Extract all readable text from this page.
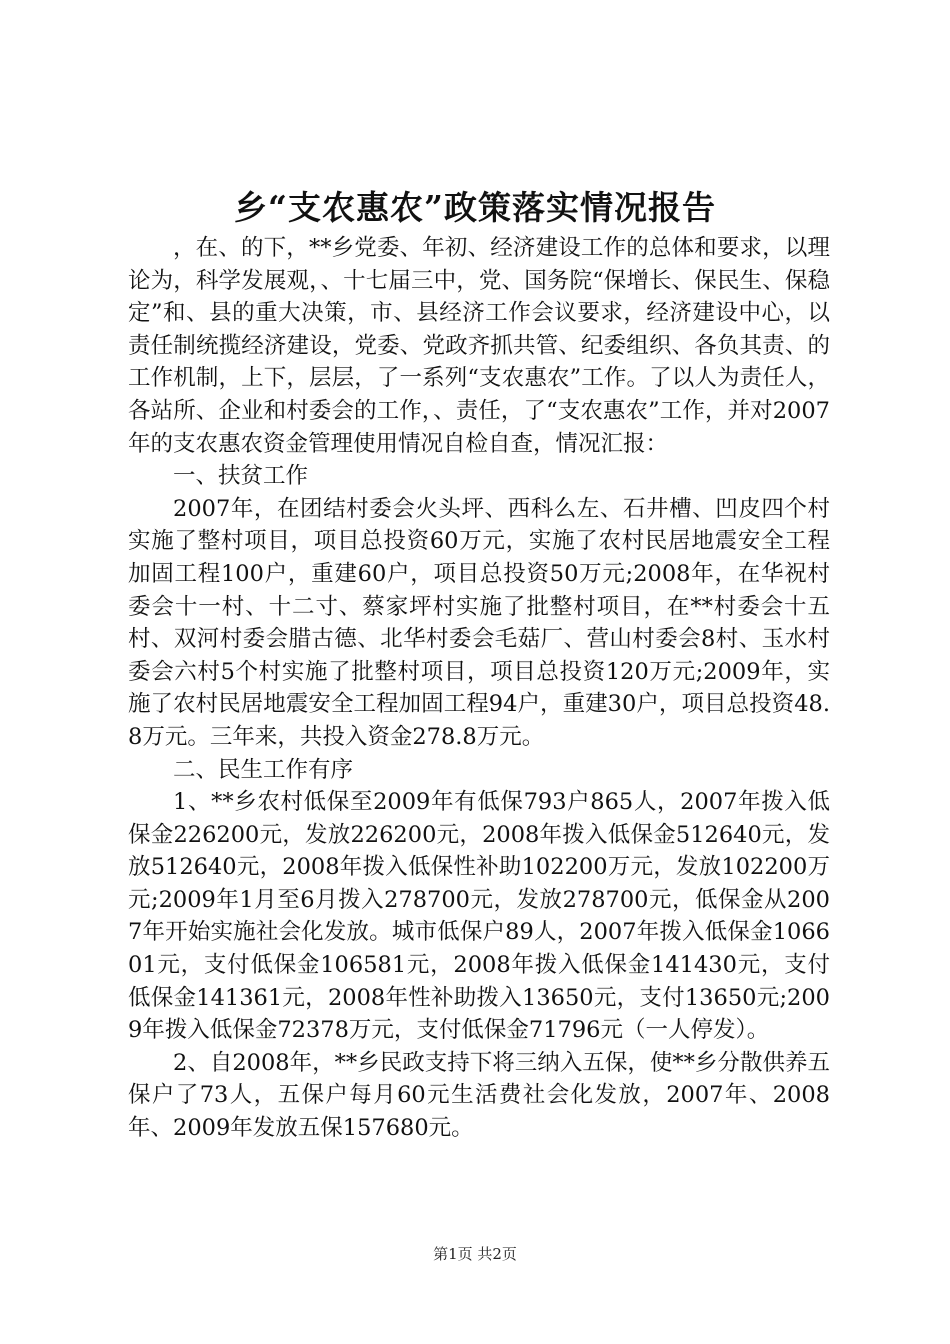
乡“支农惠农”政策落实情况报告

，在、的下，**乡党委、年初、经济建设工作的总体和要求，以理论为，科学发展观，、十七届三中，党、国务院“保增长、保民生、保稳定”和、县的重大决策，市、县经济工作会议要求，经济建设中心，以责任制统揽经济建设，党委、党政齐抓共管、纪委组织、各负其责、的工作机制，上下，层层，了一系列“支农惠农”工作。了以人为责任人，各站所、企业和村委会的工作，、责任，了“支农惠农”工作，并对2007年的支农惠农资金管理使用情况自检自查，情况汇报：

一、扶贫工作

2007年，在团结村委会火头坪、西科么左、石井槽、凹皮四个村实施了整村项目，项目总投资60万元，实施了农村民居地震安全工程加固工程100户，重建60户，项目总投资50万元;2008年，在华祝村委会十一村、十二寸、蔡家坪村实施了批整村项目，在**村委会十五村、双河村委会腊古德、北华村委会毛菇厂、营山村委会8村、玉水村委会六村5个村实施了批整村项目，项目总投资120万元;2009年，实施了农村民居地震安全工程加固工程94户，重建30户，项目总投资48.8万元。三年来，共投入资金278.8万元。

二、民生工作有序

1、**乡农村低保至2009年有低保793户865人，2007年拨入低保金226200元，发放226200元，2008年拨入低保金512640元，发放512640元，2008年拨入低保性补助102200万元，发放102200万元;2009年1月至6月拨入278700元，发放278700元，低保金从2007年开始实施社会化发放。城市低保户89人，2007年拨入低保金106601元，支付低保金106581元，2008年拨入低保金141430元，支付低保金141361元，2008年性补助拨入13650元，支付13650元;2009年拨入低保金72378万元，支付低保金71796元（一人停发）。

2、自2008年，**乡民政支持下将三纳入五保，使**乡分散供养五保户了73人，五保户每月60元生活费社会化发放，2007年、2008年、2009年发放五保157680元。

第1页 共2页
